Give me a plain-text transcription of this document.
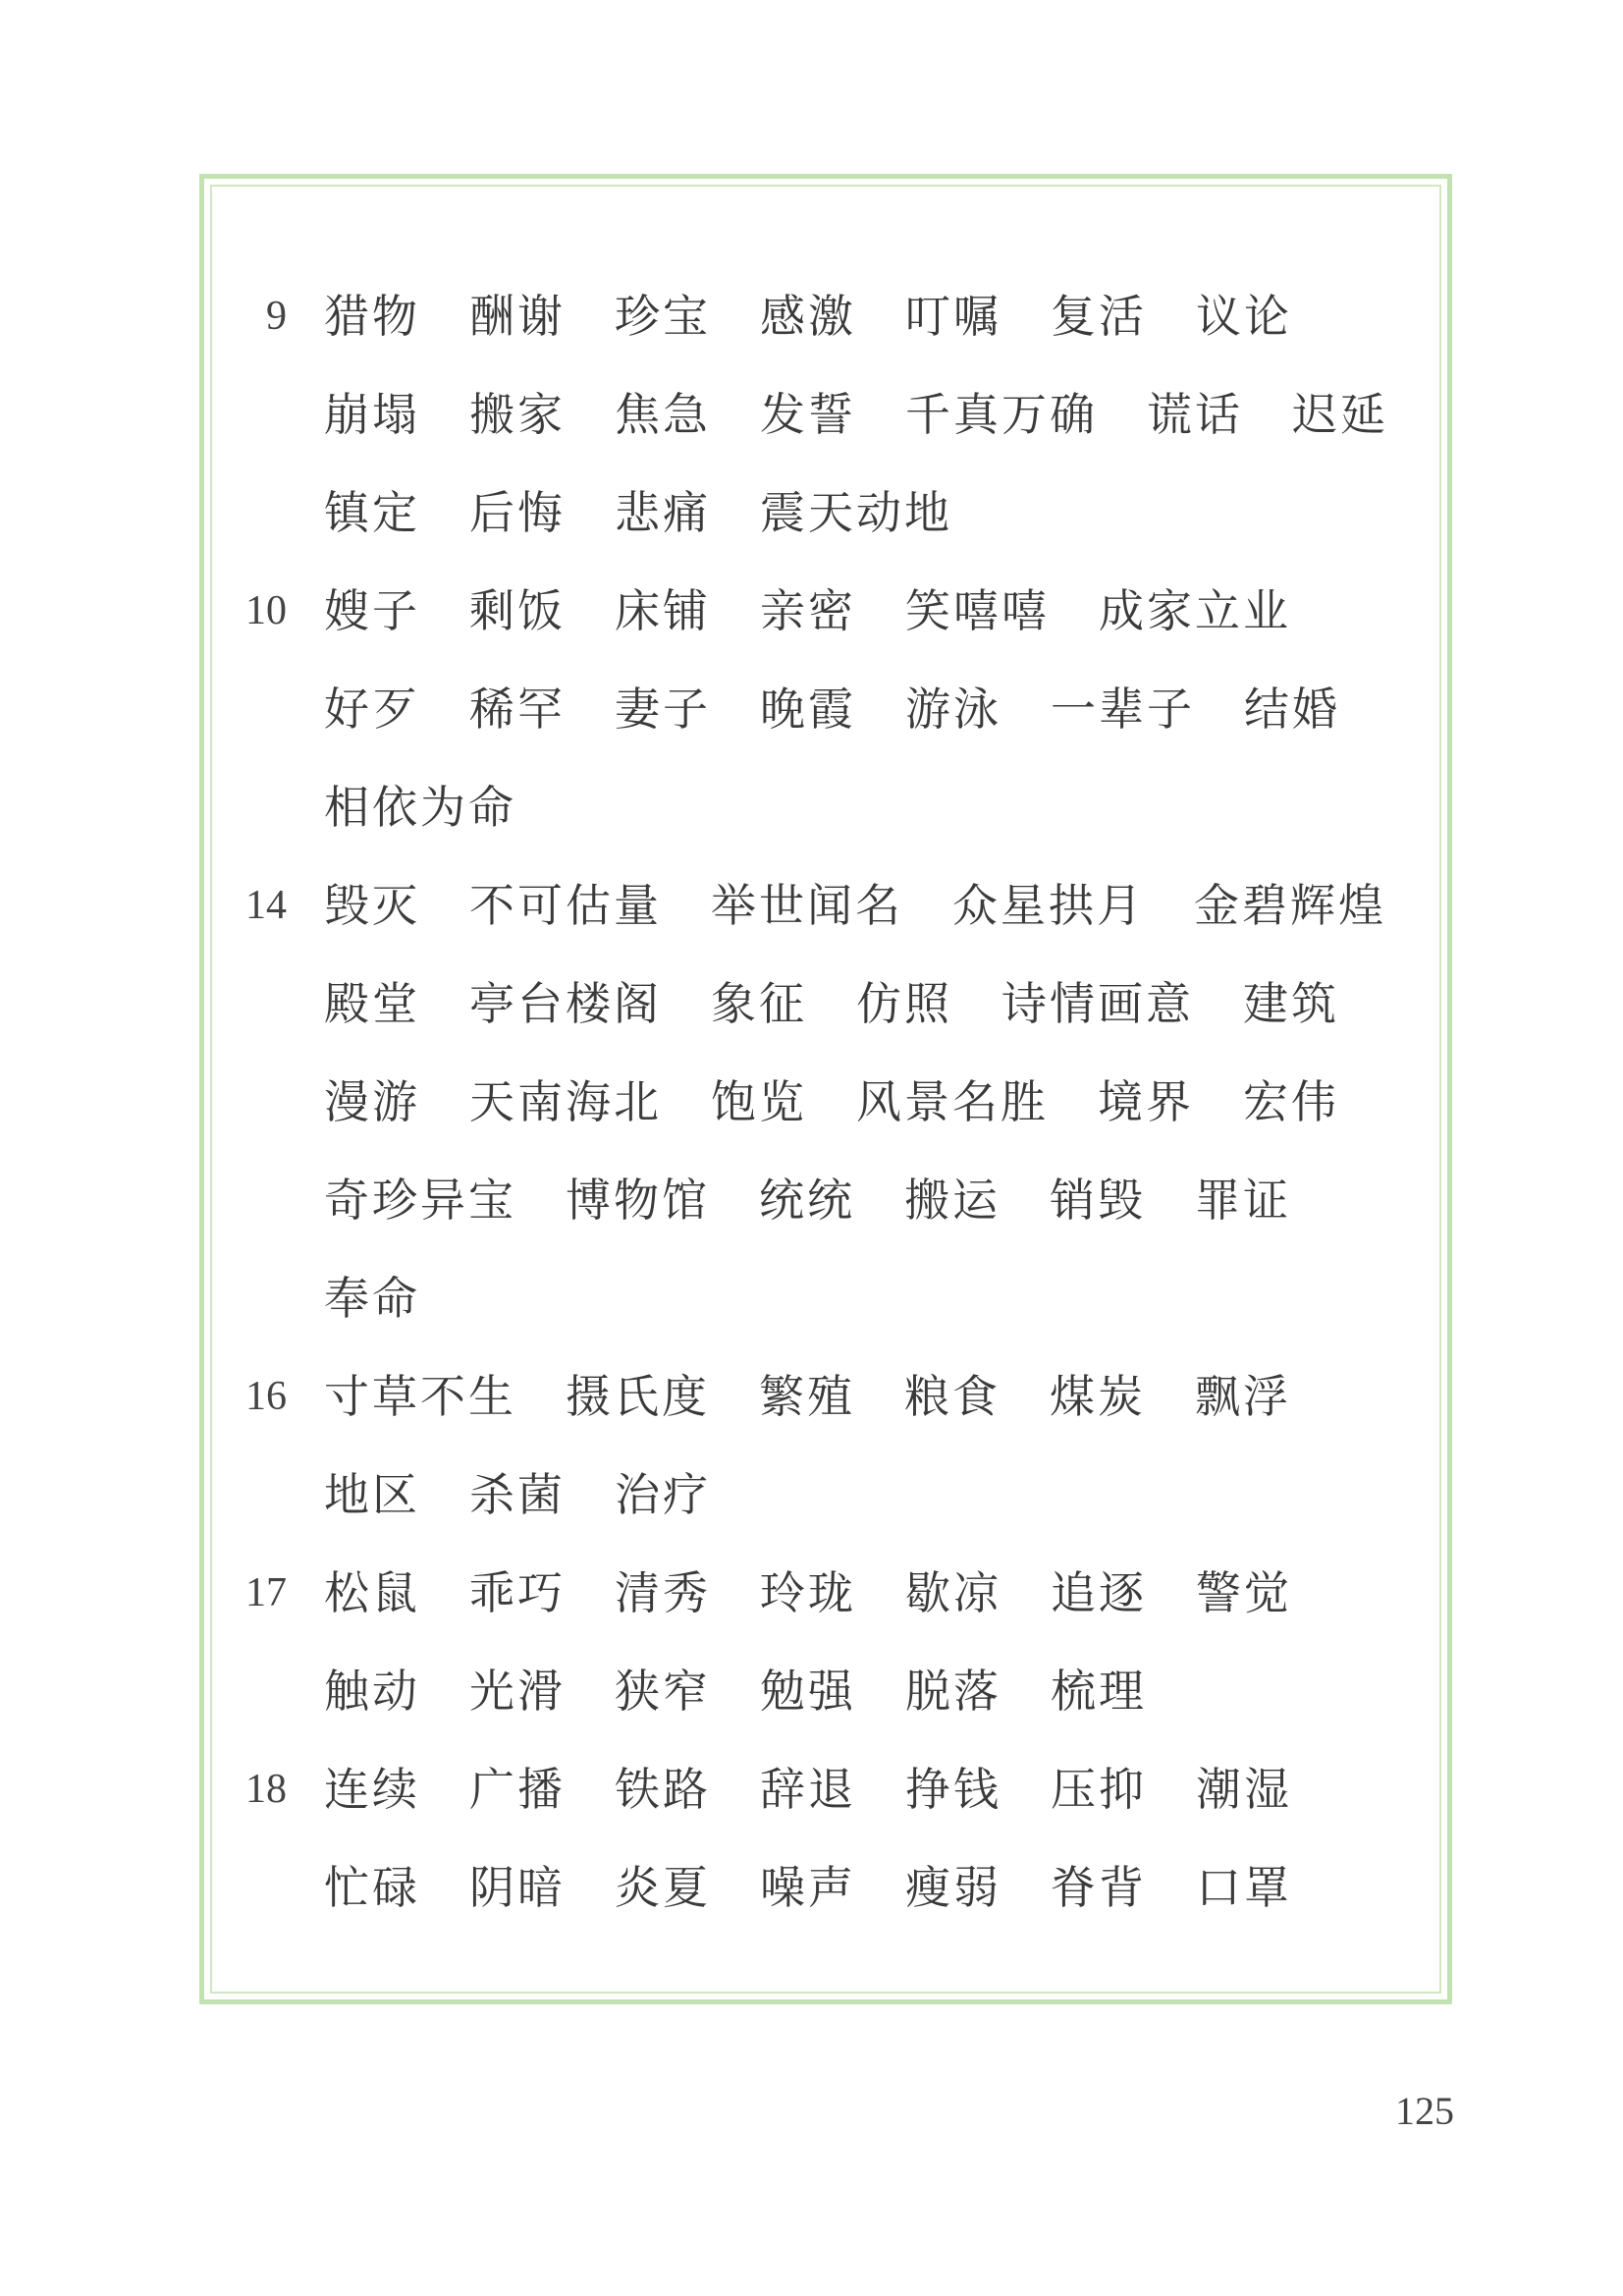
9 猎物 酬谢 珍宝 感激 叮嘱 复活 议论
崩塌 搬家 焦急 发誓 千真万确 谎话 迟延
镇定 后悔 悲痛 震天动地
10 嫂子 剩饭 床铺 亲密 笑嘻嘻 成家立业
好歹 稀罕 妻子 晚霞 游泳 一辈子 结婚
相依为命
14 毁灭 不可估量 举世闻名 众星拱月 金碧辉煌
殿堂 亭台楼阁 象征 仿照 诗情画意 建筑
漫游 天南海北 饱览 风景名胜 境界 宏伟
奇珍异宝 博物馆 统统 搬运 销毁 罪证
奉命
16 寸草不生 摄氏度 繁殖 粮食 煤炭 飘浮
地区 杀菌 治疗
17 松鼠 乖巧 清秀 玲珑 歇凉 追逐 警觉
触动 光滑 狭窄 勉强 脱落 梳理
18 连续 广播 铁路 辞退 挣钱 压抑 潮湿
忙碌 阴暗 炎夏 噪声 瘦弱 脊背 口罩
125
